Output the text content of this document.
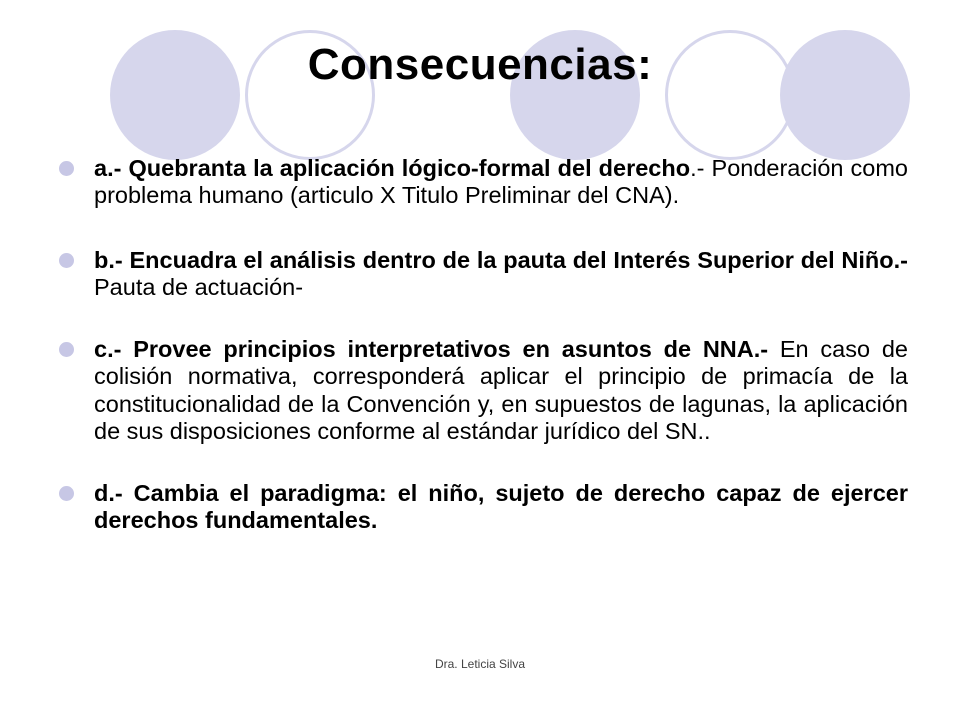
Consecuencias:
a.- Quebranta la aplicación lógico-formal del derecho.- Ponderación como problema humano (articulo X Titulo Preliminar del CNA).
b.- Encuadra el análisis dentro de la pauta del Interés Superior del Niño.- Pauta de actuación-
c.- Provee principios interpretativos en asuntos de NNA.- En caso de colisión normativa, corresponderá aplicar el principio de primacía de la constitucionalidad de la Convención y, en supuestos de lagunas, la aplicación de sus disposiciones conforme al estándar jurídico del SN..
d.- Cambia el paradigma: el niño, sujeto de derecho capaz de ejercer derechos fundamentales.
Dra. Leticia Silva
